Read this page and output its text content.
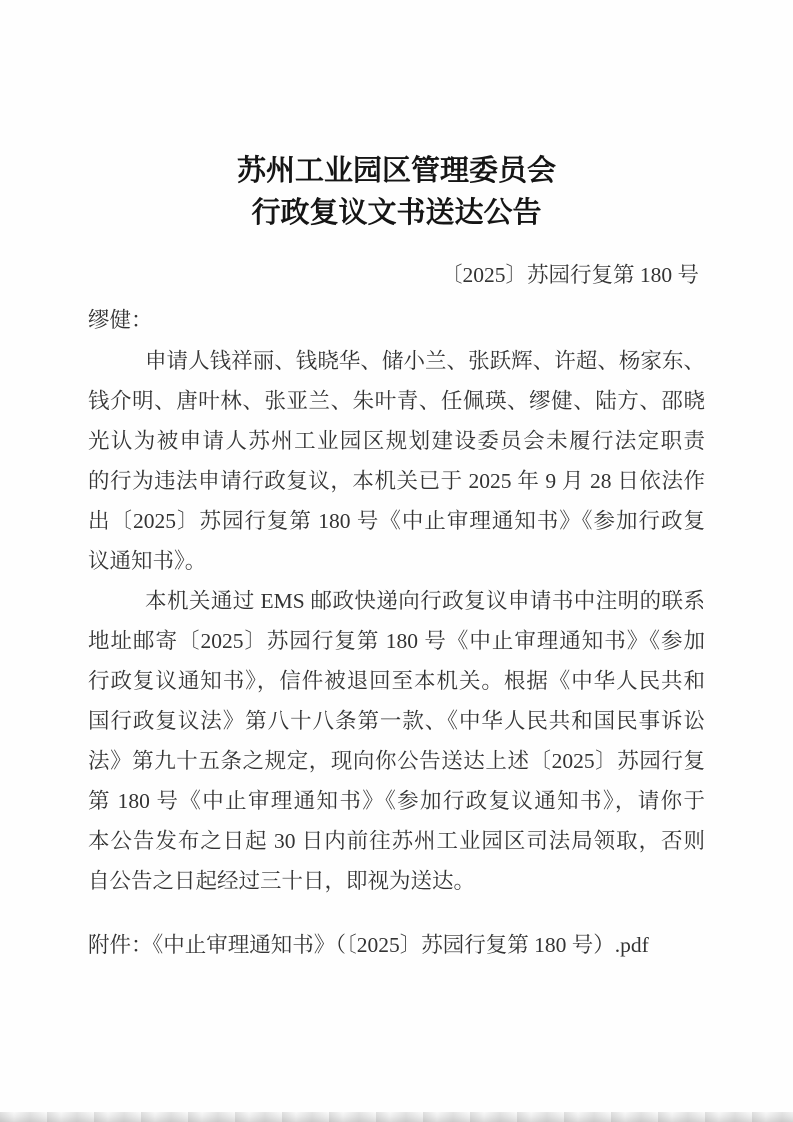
苏州工业园区管理委员会
行政复议文书送达公告
〔2025〕苏园行复第 180 号
缪健：
申请人钱祥丽、钱晓华、储小兰、张跃辉、许超、杨家东、
钱介明、唐叶林、张亚兰、朱叶青、任佩瑛、缪健、陆方、邵晓
光认为被申请人苏州工业园区规划建设委员会未履行法定职责
的行为违法申请行政复议，本机关已于 2025 年 9 月 28 日依法作
出〔2025〕苏园行复第 180 号《中止审理通知书》《参加行政复
议通知书》。
本机关通过 EMS 邮政快递向行政复议申请书中注明的联系
地址邮寄〔2025〕苏园行复第 180 号《中止审理通知书》《参加
行政复议通知书》，信件被退回至本机关。根据《中华人民共和
国行政复议法》第八十八条第一款、《中华人民共和国民事诉讼
法》第九十五条之规定，现向你公告送达上述〔2025〕苏园行复
第 180 号《中止审理通知书》《参加行政复议通知书》，请你于
本公告发布之日起 30 日内前往苏州工业园区司法局领取，否则
自公告之日起经过三十日，即视为送达。
附件：《中止审理通知书》（〔2025〕苏园行复第 180 号）.pdf
